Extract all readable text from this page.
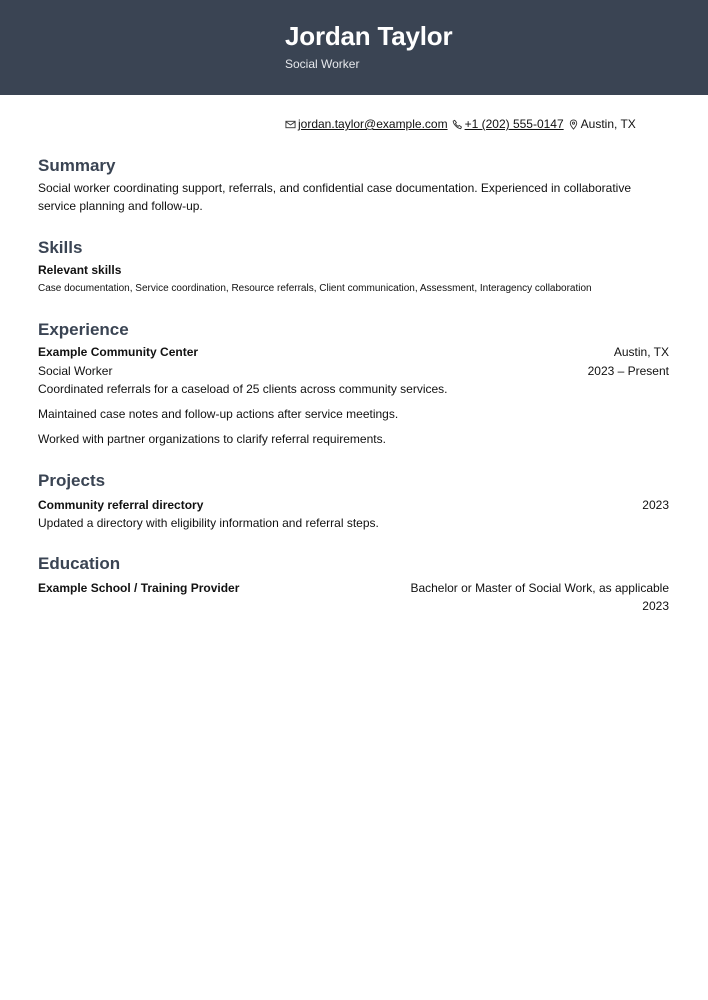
Jordan Taylor
Social Worker
jordan.taylor@example.com +1 (202) 555-0147 Austin, TX
Summary
Social worker coordinating support, referrals, and confidential case documentation. Experienced in collaborative service planning and follow-up.
Skills
Relevant skills
Case documentation, Service coordination, Resource referrals, Client communication, Assessment, Interagency collaboration
Experience
Example Community Center	Austin, TX
Social Worker	2023 – Present
Coordinated referrals for a caseload of 25 clients across community services.
Maintained case notes and follow-up actions after service meetings.
Worked with partner organizations to clarify referral requirements.
Projects
Community referral directory	2023
Updated a directory with eligibility information and referral steps.
Education
Example School / Training Provider	Bachelor or Master of Social Work, as applicable
2023
